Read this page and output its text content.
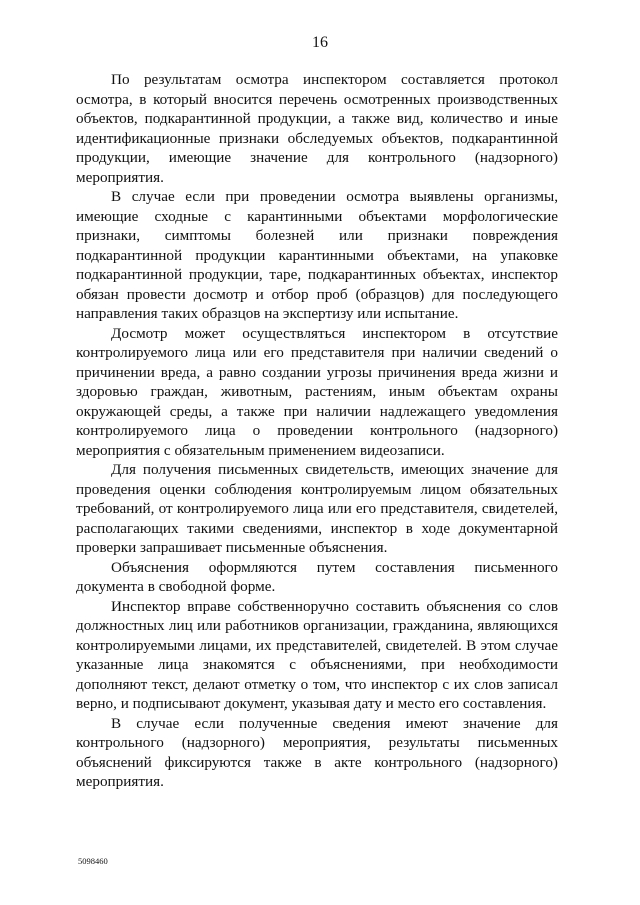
16

По результатам осмотра инспектором составляется протокол осмотра, в который вносится перечень осмотренных производственных объектов, подкарантинной продукции, а также вид, количество и иные идентификационные признаки обследуемых объектов, подкарантинной продукции, имеющие значение для контрольного (надзорного) мероприятия.

В случае если при проведении осмотра выявлены организмы, имеющие сходные с карантинными объектами морфологические признаки, симптомы болезней или признаки повреждения подкарантинной продукции карантинными объектами, на упаковке подкарантинной продукции, таре, подкарантинных объектах, инспектор обязан провести досмотр и отбор проб (образцов) для последующего направления таких образцов на экспертизу или испытание.

Досмотр может осуществляться инспектором в отсутствие контролируемого лица или его представителя при наличии сведений о причинении вреда, а равно создании угрозы причинения вреда жизни и здоровью граждан, животным, растениям, иным объектам охраны окружающей среды, а также при наличии надлежащего уведомления контролируемого лица о проведении контрольного (надзорного) мероприятия с обязательным применением видеозаписи.

Для получения письменных свидетельств, имеющих значение для проведения оценки соблюдения контролируемым лицом обязательных требований, от контролируемого лица или его представителя, свидетелей, располагающих такими сведениями, инспектор в ходе документарной проверки запрашивает письменные объяснения.

Объяснения оформляются путем составления письменного документа в свободной форме.

Инспектор вправе собственноручно составить объяснения со слов должностных лиц или работников организации, гражданина, являющихся контролируемыми лицами, их представителей, свидетелей. В этом случае указанные лица знакомятся с объяснениями, при необходимости дополняют текст, делают отметку о том, что инспектор с их слов записал верно, и подписывают документ, указывая дату и место его составления.

В случае если полученные сведения имеют значение для контрольного (надзорного) мероприятия, результаты письменных объяснений фиксируются также в акте контрольного (надзорного) мероприятия.

5098460
